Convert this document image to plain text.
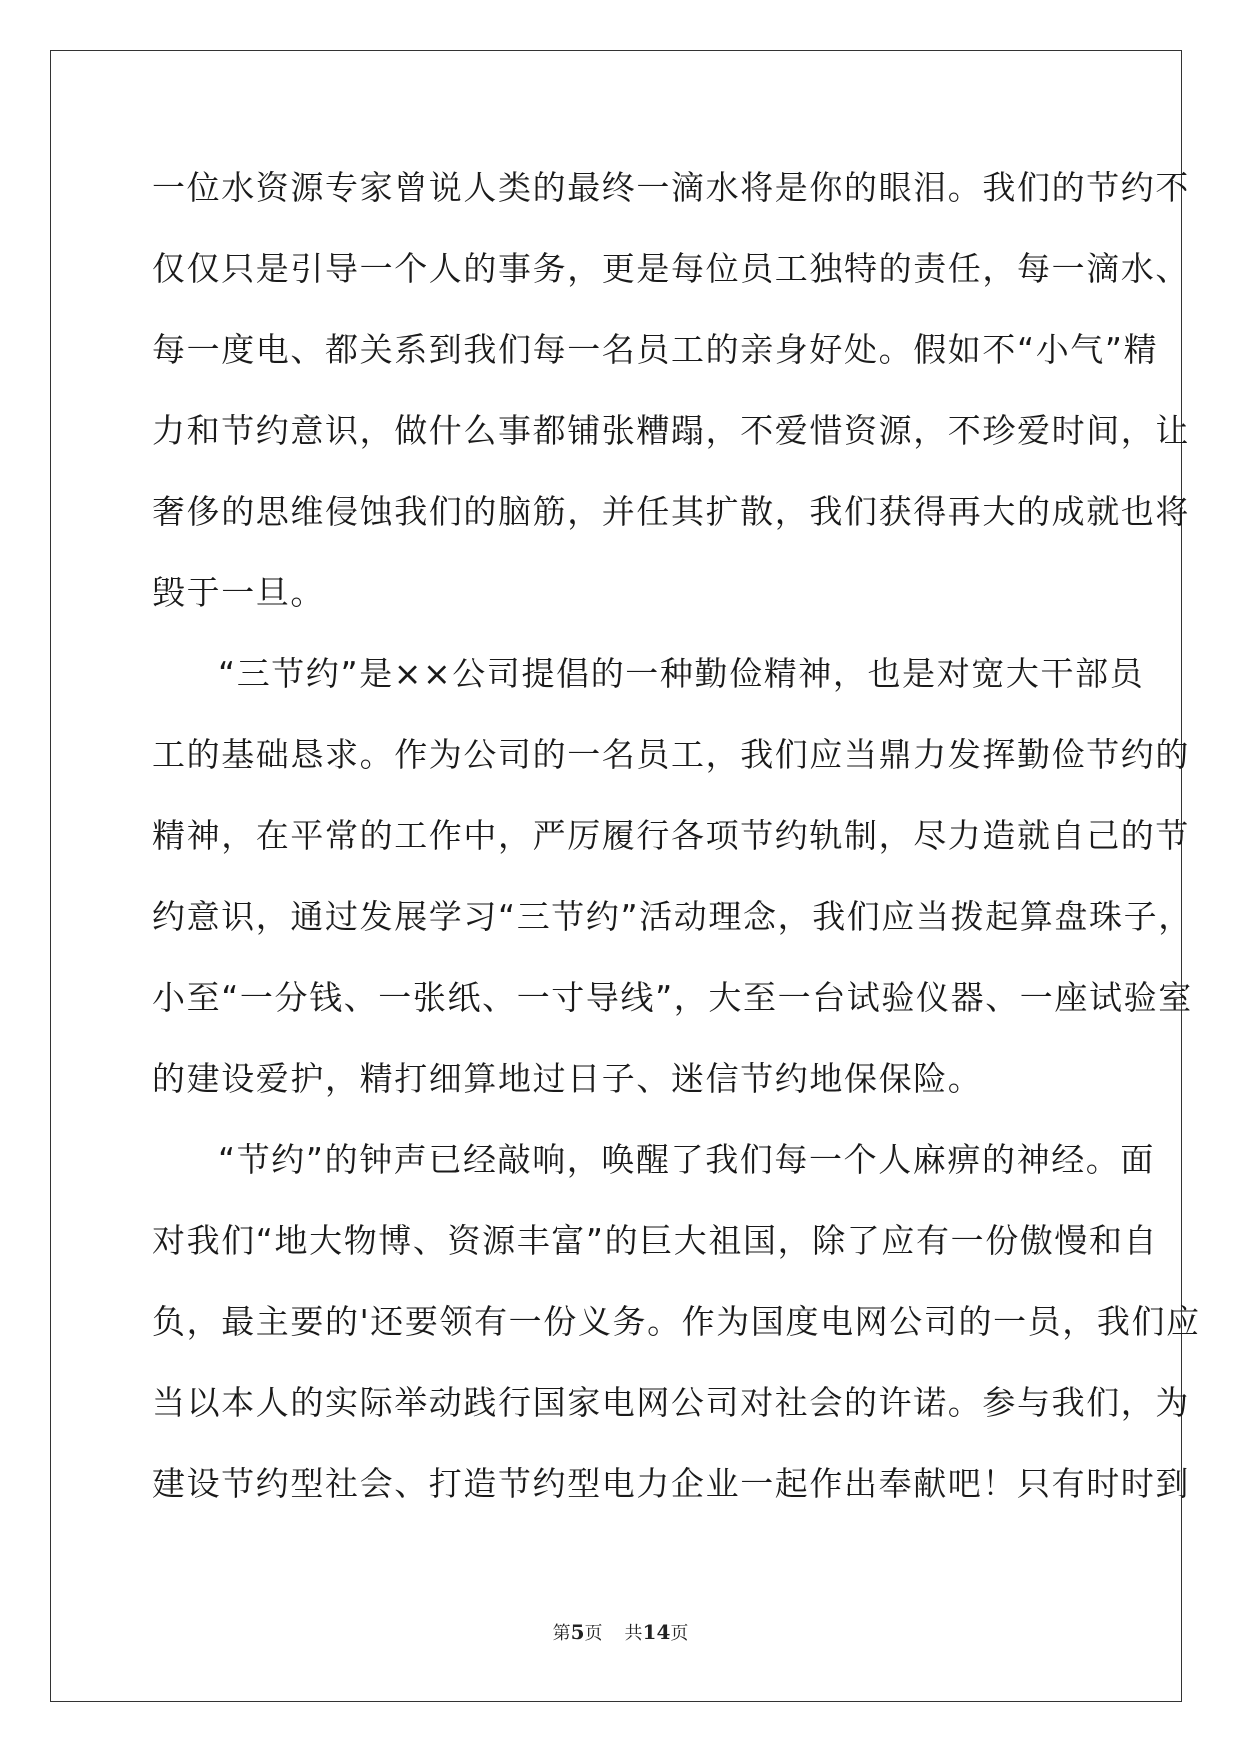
一位水资源专家曾说人类的最终一滴水将是你的眼泪。我们的节约不
仅仅只是引导一个人的事务，更是每位员工独特的责任，每一滴水、
每一度电、都关系到我们每一名员工的亲身好处。假如不“小气”精
力和节约意识，做什么事都铺张糟蹋，不爱惜资源，不珍爱时间，让
奢侈的思维侵蚀我们的脑筋，并任其扩散，我们获得再大的成就也将
毁于一旦。
“三节约”是××公司提倡的一种勤俭精神，也是对宽大干部员
工的基础恳求。作为公司的一名员工，我们应当鼎力发挥勤俭节约的
精神，在平常的工作中，严厉履行各项节约轨制，尽力造就自己的节
约意识，通过发展学习“三节约”活动理念，我们应当拨起算盘珠子，
小至“一分钱、一张纸、一寸导线”，大至一台试验仪器、一座试验室
的建设爱护，精打细算地过日子、迷信节约地保保险。
“节约”的钟声已经敲响，唤醒了我们每一个人麻痹的神经。面
对我们“地大物博、资源丰富”的巨大祖国，除了应有一份傲慢和自
负，最主要的'还要领有一份义务。作为国度电网公司的一员，我们应
当以本人的实际举动践行国家电网公司对社会的许诺。参与我们，为
建设节约型社会、打造节约型电力企业一起作出奉献吧！只有时时到
第5页 共14页
